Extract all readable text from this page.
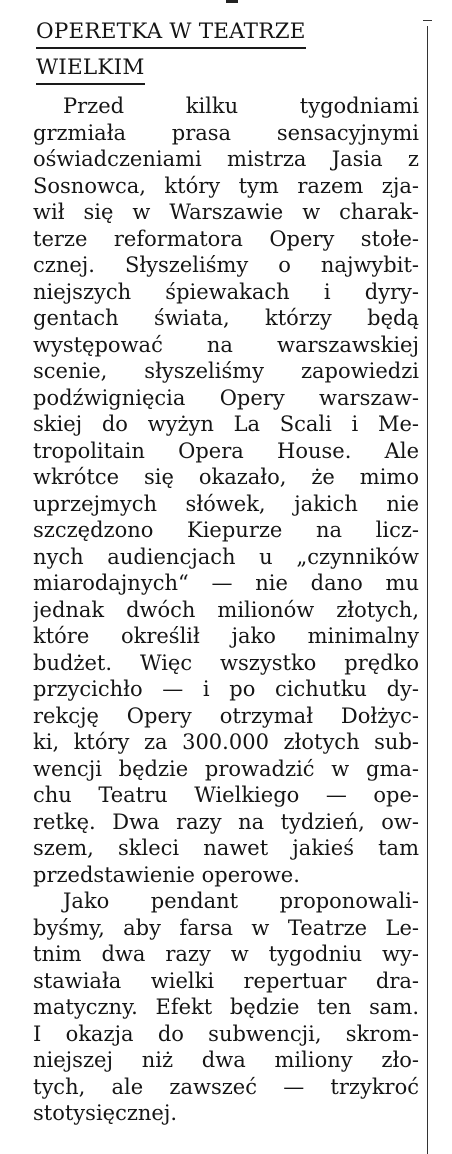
OPERETKA W TEATRZE
WIELKIM
Przed kilku tygodniami
grzmiała prasa sensacyjnymi
oświadczeniami mistrza Jasia z
Sosnowca, który tym razem zja-
wił się w Warszawie w charak-
terze reformatora Opery stołe-
cznej. Słyszeliśmy o najwybit-
niejszych śpiewakach i dyry-
gentach świata, którzy będą
występować na warszawskiej
scenie, słyszeliśmy zapowiedzi
podźwignięcia Opery warszaw-
skiej do wyżyn La Scali i Me-
tropolitain Opera House. Ale
wkrótce się okazało, że mimo
uprzejmych słówek, jakich nie
szczędzono Kiepurze na licz-
nych audiencjach u „czynników
miarodajnych“ — nie dano mu
jednak dwóch milionów złotych,
które określił jako minimalny
budżet. Więc wszystko prędko
przycichło — i po cichutku dy-
rekcję Opery otrzymał Dołżyc-
ki, który za 300.000 złotych sub-
wencji będzie prowadzić w gma-
chu Teatru Wielkiego — ope-
retkę. Dwa razy na tydzień, ow-
szem, skleci nawet jakieś tam
przedstawienie operowe.
Jako pendant proponowali-
byśmy, aby farsa w Teatrze Le-
tnim dwa razy w tygodniu wy-
stawiała wielki repertuar dra-
matyczny. Efekt będzie ten sam.
I okazja do subwencji, skrom-
niejszej niż dwa miliony zło-
tych, ale zawszeć — trzykroć
stotysięcznej.
